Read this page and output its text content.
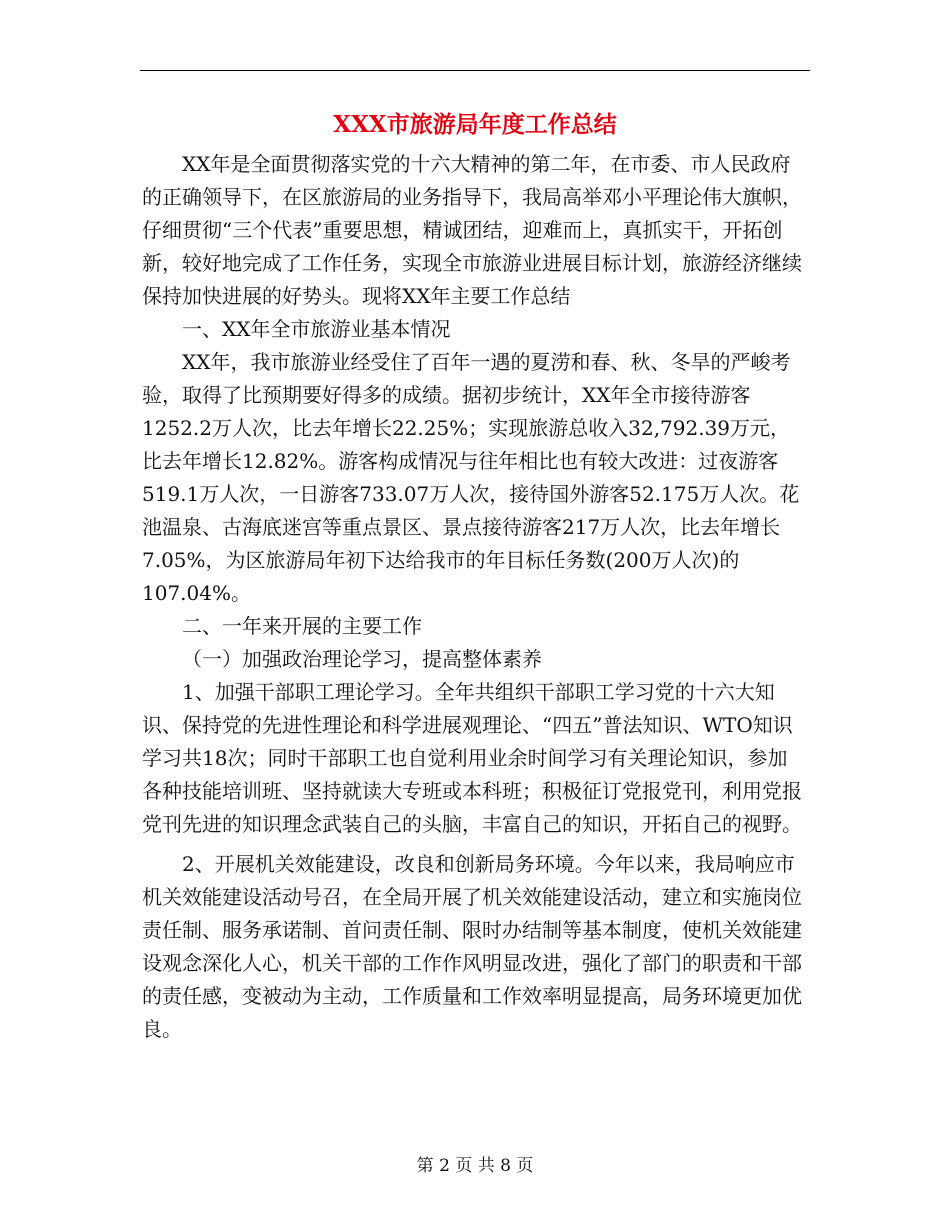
XXX市旅游局年度工作总结

XX年是全面贯彻落实党的十六大精神的第二年，在市委、市人民政府的正确领导下，在区旅游局的业务指导下，我局高举邓小平理论伟大旗帜，仔细贯彻“三个代表”重要思想，精诚团结，迎难而上，真抓实干，开拓创新，较好地完成了工作任务，实现全市旅游业进展目标计划，旅游经济继续保持加快进展的好势头。现将XX年主要工作总结

一、XX年全市旅游业基本情况

XX年，我市旅游业经受住了百年一遇的夏涝和春、秋、冬旱的严峻考验，取得了比预期要好得多的成绩。据初步统计，XX年全市接待游客1252.2万人次，比去年增长22.25%；实现旅游总收入32,792.39万元，比去年增长12.82%。游客构成情况与往年相比也有较大改进：过夜游客519.1万人次，一日游客733.07万人次，接待国外游客52.175万人次。花池温泉、古海底迷宫等重点景区、景点接待游客217万人次，比去年增长7.05%，为区旅游局年初下达给我市的年目标任务数(200万人次)的107.04%。

二、一年来开展的主要工作

（一）加强政治理论学习，提高整体素养

1、加强干部职工理论学习。全年共组织干部职工学习党的十六大知识、保持党的先进性理论和科学进展观理论、“四五”普法知识、WTO知识学习共18次；同时干部职工也自觉利用业余时间学习有关理论知识，参加各种技能培训班、坚持就读大专班或本科班；积极征订党报党刊，利用党报党刊先进的知识理念武装自己的头脑，丰富自己的知识，开拓自己的视野。

2、开展机关效能建设，改良和创新局务环境。今年以来，我局响应市机关效能建设活动号召，在全局开展了机关效能建设活动，建立和实施岗位责任制、服务承诺制、首问责任制、限时办结制等基本制度，使机关效能建设观念深化人心，机关干部的工作作风明显改进，强化了部门的职责和干部的责任感，变被动为主动，工作质量和工作效率明显提高，局务环境更加优良。

第 2 页 共 8 页
